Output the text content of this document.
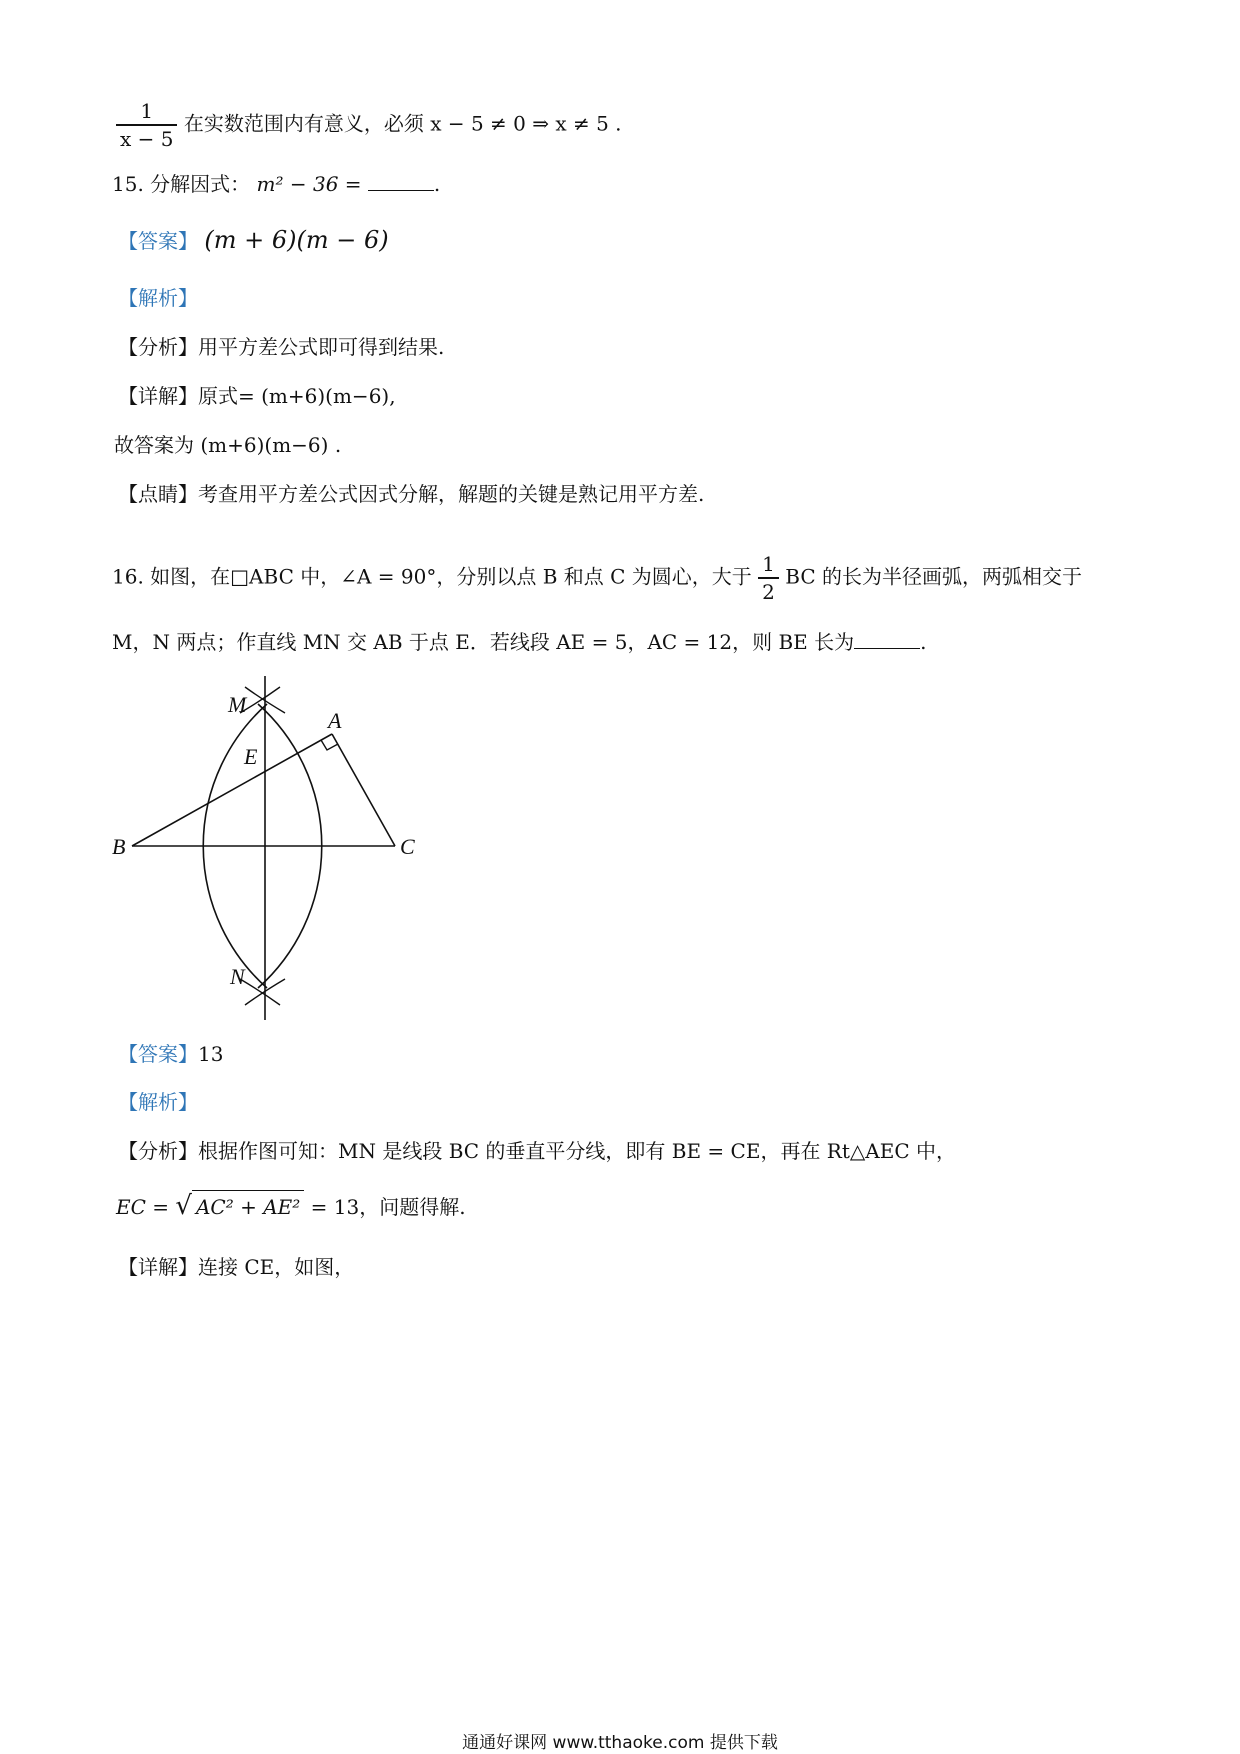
$\frac{1}{x - 5}$ 在实数范围内有意义，必须 x − 5 ≠ 0 ⇒ x ≠ 5 .
15. 分解因式： m² − 36 =	.
【答案】 (m + 6)(m − 6)
【解析】
【分析】用平方差公式即可得到结果.
【详解】原式= (m+6)(m−6),
故答案为 (m+6)(m−6) .
【点睛】考查用平方差公式因式分解，解题的关键是熟记用平方差.
16. 如图，在□ABC 中，∠A = 90°，分别以点 B 和点 C 为圆心，大于 $\frac{1}{2}$ BC 的长为半径画弧，两弧相交于
M，N 两点；作直线 MN 交 AB 于点 E．若线段 AE = 5，AC = 12，则 BE 长为	.
M
A
E
B	C
N
【答案】13
【解析】
【分析】根据作图可知：MN 是线段 BC 的垂直平分线，即有 BE = CE，再在 Rt△AEC 中，
EC = √ AC² + AE² = 13，问题得解.
【详解】连接 CE，如图，
通通好课网 www.tthaoke.com 提供下载
